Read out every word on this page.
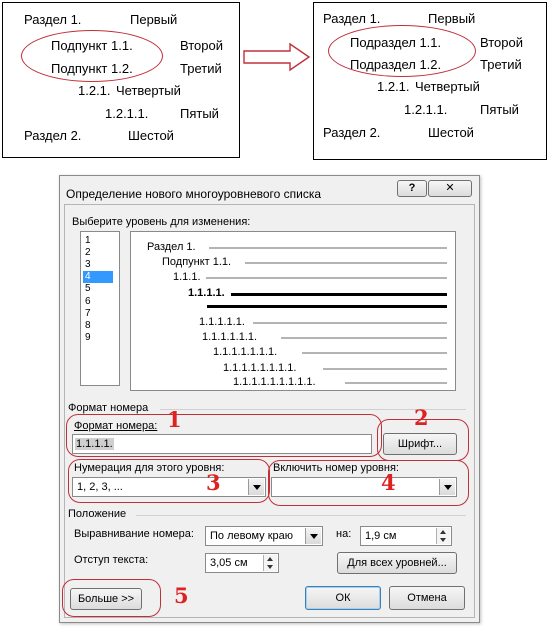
Раздел 1.	Первый
Подпункт 1.1.	Второй
Подпункт 1.2.	Третий
1.2.1. Четвертый
1.2.1.1. Пятый
Раздел 2.	Шестой
Раздел 1.	Первый
Подраздел 1.1.	Второй
Подраздел 1.2.	Третий
1.2.1. Четвертый
1.2.1.1.	Пятый
Раздел 2.	Шестой
Определение нового многоуровневого списка	?	✕
Выберите уровень для изменения:
1
2
3
4
5
6
7
8
9
Раздел 1.
Подпункт 1.1.
1.1.1.
1.1.1.1.
1.1.1.1.1.
1.1.1.1.1.1.
1.1.1.1.1.1.1.
1.1.1.1.1.1.1.1.
1.1.1.1.1.1.1.1.1.
Формат номера
Формат номера:
1.1.1.1.	Шрифт...
Нумерация для этого уровня:
1, 2, 3, ...
Включить номер уровня:
Положение
Выравнивание номера: По левому краю	на: 1,9 см
Отступ текста:	3,05 см	Для всех уровней...
Больше >>	ОК	Отмена
1	2
3	4
5
